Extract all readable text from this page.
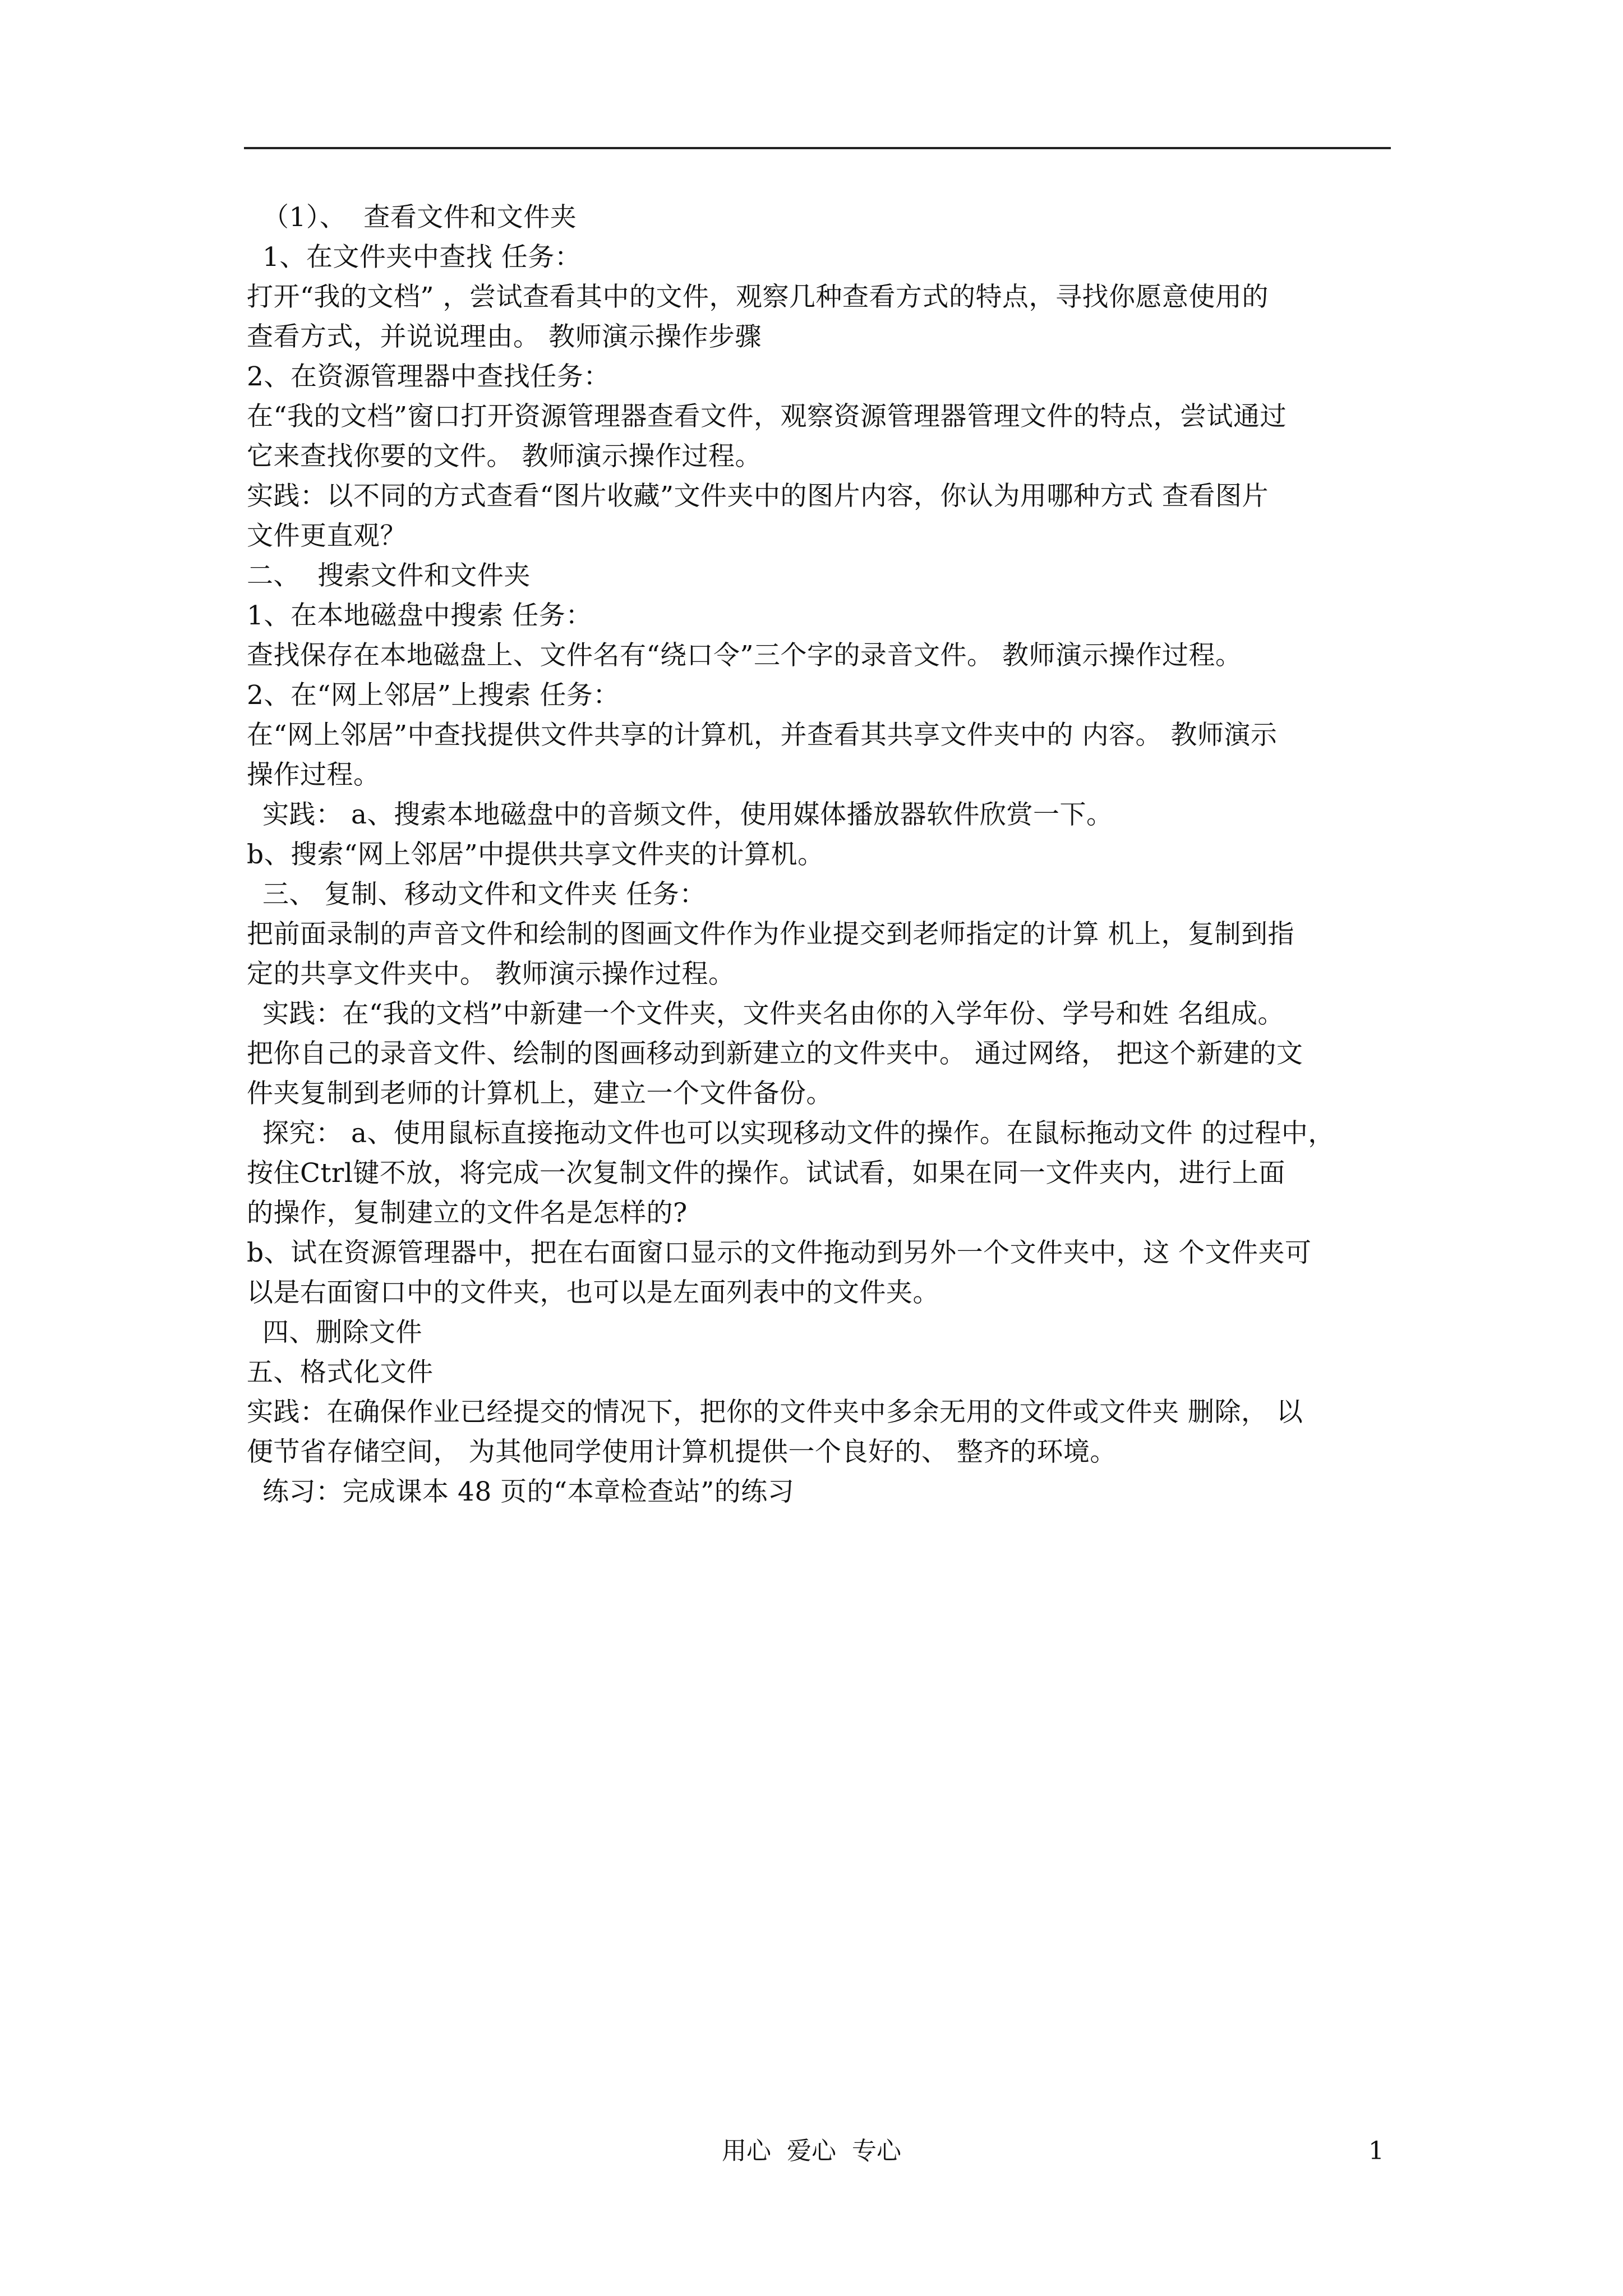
（1）、  查看文件和文件夹
1、在文件夹中查找 任务：
打开“我的文档” ，尝试查看其中的文件，观察几种查看方式的特点，寻找你愿意使用的
查看方式，并说说理由。 教师演示操作步骤
2、在资源管理器中查找任务：
在“我的文档”窗口打开资源管理器查看文件，观察资源管理器管理文件的特点，尝试通过
它来查找你要的文件。 教师演示操作过程。
实践：以不同的方式查看“图片收藏”文件夹中的图片内容，你认为用哪种方式 查看图片
文件更直观？
二、  搜索文件和文件夹
1、在本地磁盘中搜索 任务：
查找保存在本地磁盘上、文件名有“绕口令”三个字的录音文件。 教师演示操作过程。
2、在“网上邻居”上搜索 任务：
在“网上邻居”中查找提供文件共享的计算机，并查看其共享文件夹中的 内容。 教师演示
操作过程。
实践： a、搜索本地磁盘中的音频文件，使用媒体播放器软件欣赏一下。
b、搜索“网上邻居”中提供共享文件夹的计算机。
三、 复制、移动文件和文件夹 任务：
把前面录制的声音文件和绘制的图画文件作为作业提交到老师指定的计算 机上，复制到指
定的共享文件夹中。 教师演示操作过程。
实践：在“我的文档”中新建一个文件夹，文件夹名由你的入学年份、学号和姓 名组成。
把你自己的录音文件、绘制的图画移动到新建立的文件夹中。 通过网络， 把这个新建的文
件夹复制到老师的计算机上，建立一个文件备份。
探究： a、使用鼠标直接拖动文件也可以实现移动文件的操作。在鼠标拖动文件 的过程中，
按住Ctrl键不放，将完成一次复制文件的操作。试试看，如果在同一文件夹内，进行上面
的操作，复制建立的文件名是怎样的?
b、试在资源管理器中，把在右面窗口显示的文件拖动到另外一个文件夹中，这 个文件夹可
以是右面窗口中的文件夹，也可以是左面列表中的文件夹。
四、删除文件
五、格式化文件
实践：在确保作业已经提交的情况下，把你的文件夹中多余无用的文件或文件夹 删除， 以
便节省存储空间， 为其他同学使用计算机提供一个良好的、 整齐的环境。
练习：完成课本 48 页的“本章检查站”的练习
用心  爱心  专心	1
